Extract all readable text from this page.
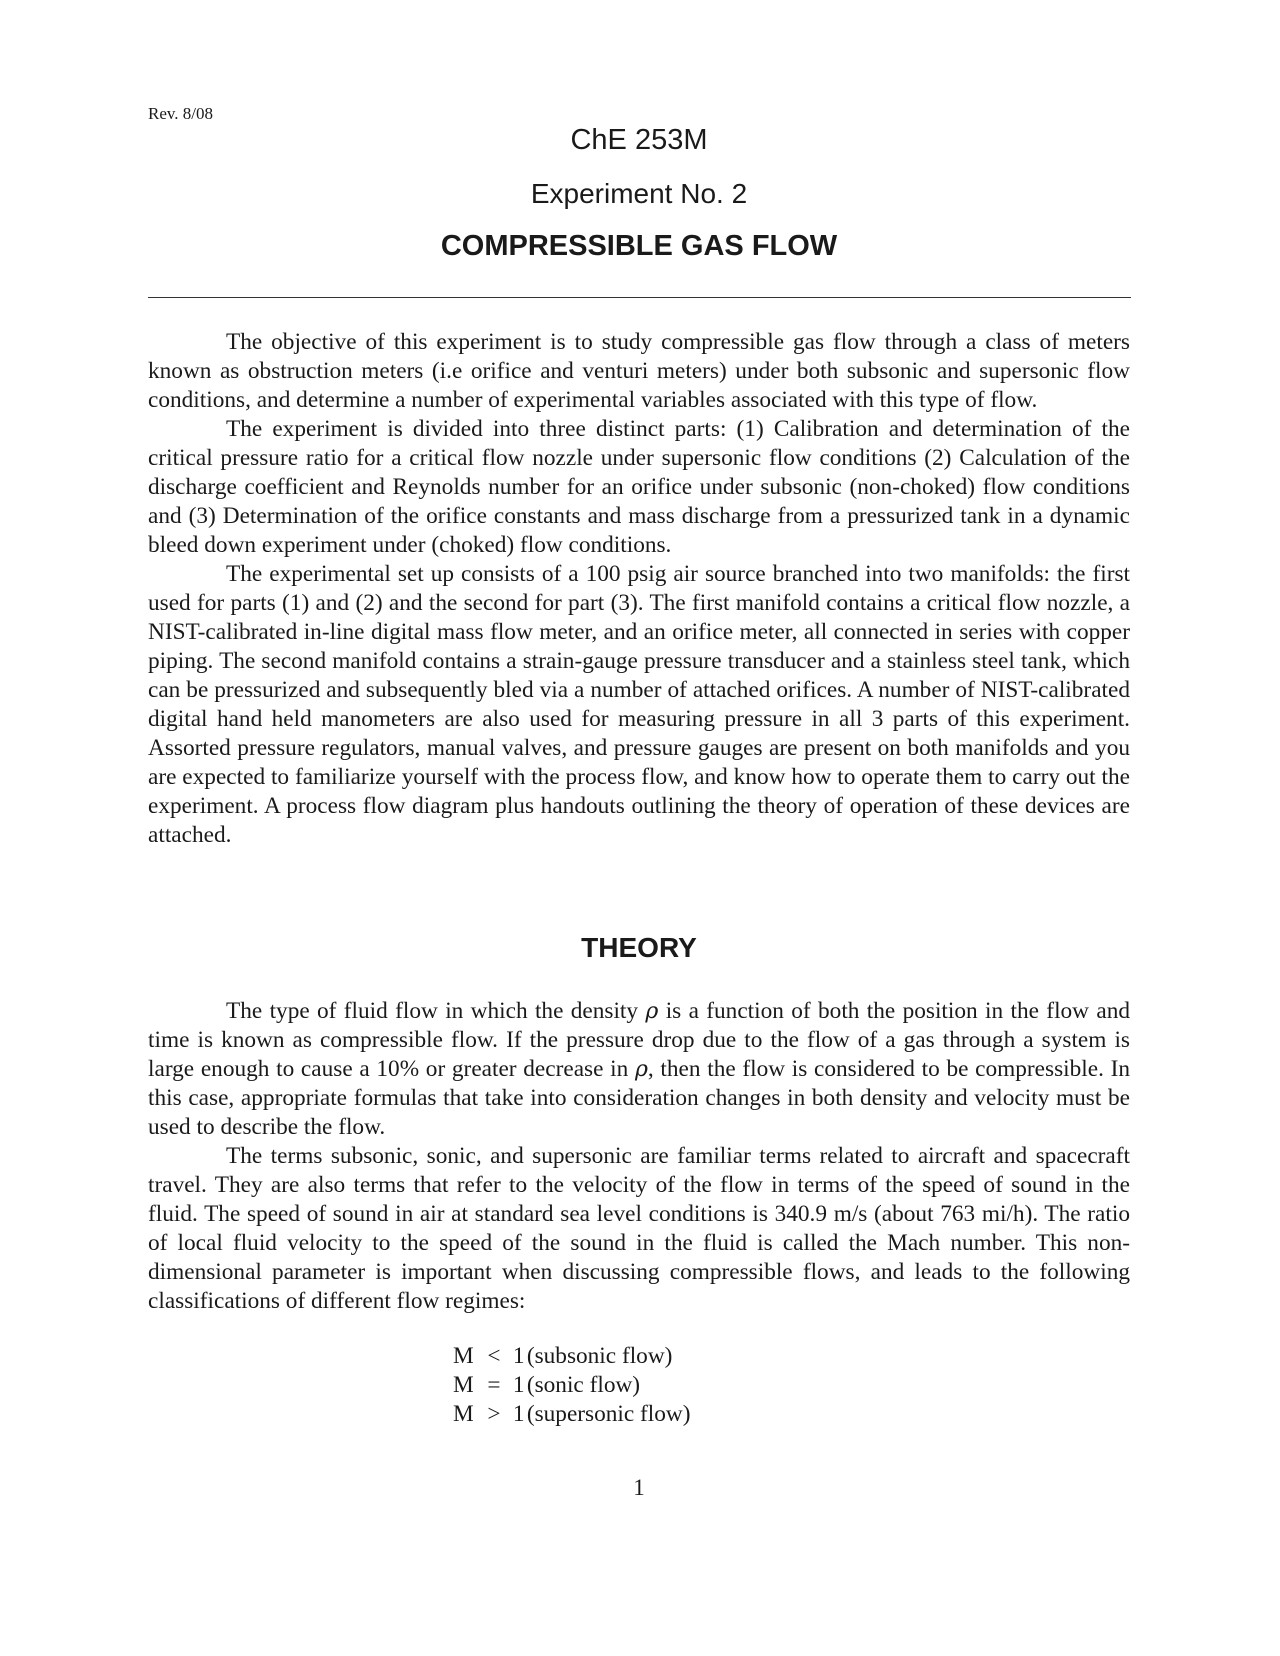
Rev. 8/08
ChE 253M
Experiment No. 2
COMPRESSIBLE GAS FLOW

The objective of this experiment is to study compressible gas flow through a class of meters known as obstruction meters (i.e orifice and venturi meters) under both subsonic and supersonic flow conditions, and determine a number of experimental variables associated with this type of flow.

The experiment is divided into three distinct parts: (1) Calibration and determination of the critical pressure ratio for a critical flow nozzle under supersonic flow conditions (2) Calculation of the discharge coefficient and Reynolds number for an orifice under subsonic (non-choked) flow conditions and (3) Determination of the orifice constants and mass discharge from a pressurized tank in a dynamic bleed down experiment under (choked) flow conditions.

The experimental set up consists of a 100 psig air source branched into two manifolds: the first used for parts (1) and (2) and the second for part (3). The first manifold contains a critical flow nozzle, a NIST-calibrated in-line digital mass flow meter, and an orifice meter, all connected in series with copper piping. The second manifold contains a strain-gauge pressure transducer and a stainless steel tank, which can be pressurized and subsequently bled via a number of attached orifices. A number of NIST-calibrated digital hand held manometers are also used for measuring pressure in all 3 parts of this experiment. Assorted pressure regulators, manual valves, and pressure gauges are present on both manifolds and you are expected to familiarize yourself with the process flow, and know how to operate them to carry out the experiment. A process flow diagram plus handouts outlining the theory of operation of these devices are attached.

THEORY

The type of fluid flow in which the density ρ is a function of both the position in the flow and time is known as compressible flow. If the pressure drop due to the flow of a gas through a system is large enough to cause a 10% or greater decrease in ρ, then the flow is considered to be compressible. In this case, appropriate formulas that take into consideration changes in both density and velocity must be used to describe the flow.

The terms subsonic, sonic, and supersonic are familiar terms related to aircraft and spacecraft travel. They are also terms that refer to the velocity of the flow in terms of the speed of sound in the fluid. The speed of sound in air at standard sea level conditions is 340.9 m/s (about 763 mi/h). The ratio of local fluid velocity to the speed of the sound in the fluid is called the Mach number. This non-dimensional parameter is important when discussing compressible flows, and leads to the following classifications of different flow regimes:

M < 1 (subsonic flow)
M = 1 (sonic flow)
M > 1 (supersonic flow)
1
